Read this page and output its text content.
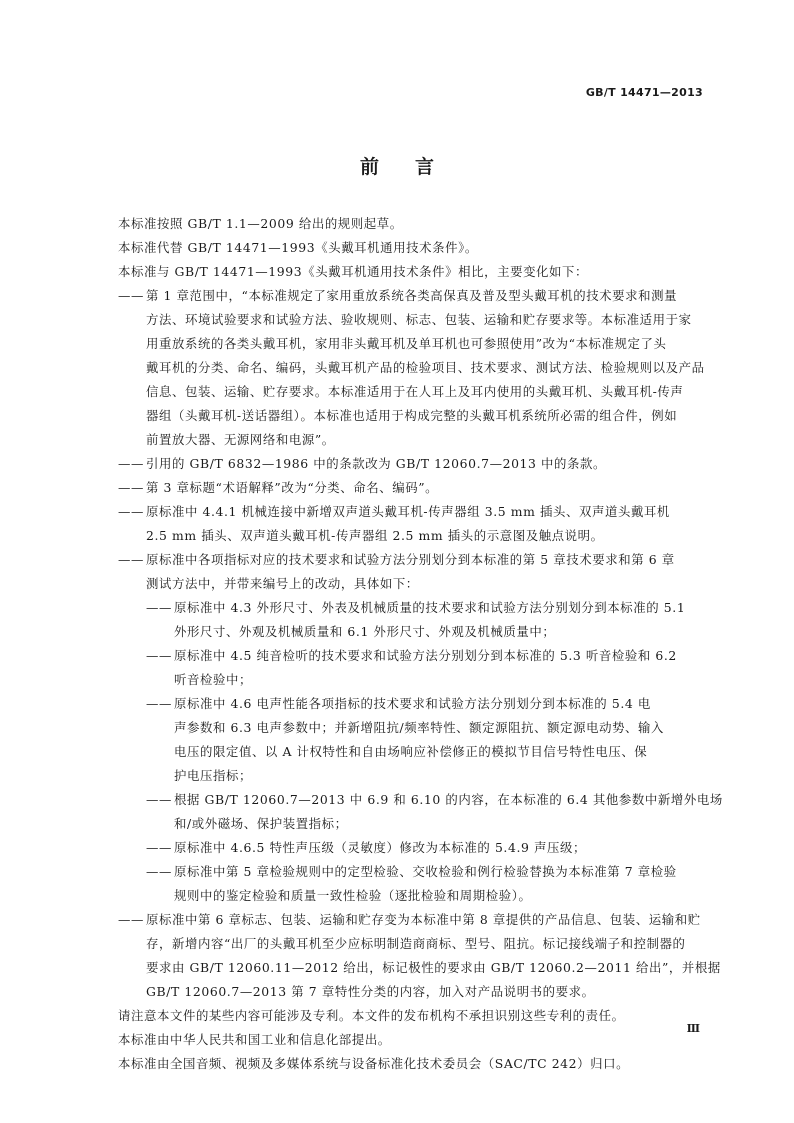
GB/T 14471—2013
前 言
本标准按照 GB/T 1.1—2009 给出的规则起草。
本标准代替 GB/T 14471—1993《头戴耳机通用技术条件》。
本标准与 GB/T 14471—1993《头戴耳机通用技术条件》相比，主要变化如下：
—— 第 1 章范围中，“本标准规定了家用重放系统各类高保真及普及型头戴耳机的技术要求和测量
方法、环境试验要求和试验方法、验收规则、标志、包装、运输和贮存要求等。本标准适用于家
用重放系统的各类头戴耳机，家用非头戴耳机及单耳机也可参照使用”改为“本标准规定了头
戴耳机的分类、命名、编码，头戴耳机产品的检验项目、技术要求、测试方法、检验规则以及产品
信息、包装、运输、贮存要求。本标准适用于在人耳上及耳内使用的头戴耳机、头戴耳机-传声
器组（头戴耳机-送话器组）。本标准也适用于构成完整的头戴耳机系统所必需的组合件，例如
前置放大器、无源网络和电源”。
—— 引用的 GB/T 6832—1986 中的条款改为 GB/T 12060.7—2013 中的条款。
—— 第 3 章标题“术语解释”改为“分类、命名、编码”。
—— 原标准中 4.4.1 机械连接中新增双声道头戴耳机-传声器组 3.5 mm 插头、双声道头戴耳机
2.5 mm 插头、双声道头戴耳机-传声器组 2.5 mm 插头的示意图及触点说明。
—— 原标准中各项指标对应的技术要求和试验方法分别划分到本标准的第 5 章技术要求和第 6 章
测试方法中，并带来编号上的改动，具体如下：
—— 原标准中 4.3 外形尺寸、外表及机械质量的技术要求和试验方法分别划分到本标准的 5.1
外形尺寸、外观及机械质量和 6.1 外形尺寸、外观及机械质量中；
—— 原标准中 4.5 纯音检听的技术要求和试验方法分别划分到本标准的 5.3 听音检验和 6.2
听音检验中；
—— 原标准中 4.6 电声性能各项指标的技术要求和试验方法分别划分到本标准的 5.4 电
声参数和 6.3 电声参数中；并新增阻抗/频率特性、额定源阻抗、额定源电动势、输入
电压的限定值、以 A 计权特性和自由场响应补偿修正的模拟节目信号特性电压、保
护电压指标；
—— 根据 GB/T 12060.7—2013 中 6.9 和 6.10 的内容，在本标准的 6.4 其他参数中新增外电场
和/或外磁场、保护装置指标；
—— 原标准中 4.6.5 特性声压级（灵敏度）修改为本标准的 5.4.9 声压级；
—— 原标准中第 5 章检验规则中的定型检验、交收检验和例行检验替换为本标准第 7 章检验
规则中的鉴定检验和质量一致性检验（逐批检验和周期检验）。
—— 原标准中第 6 章标志、包装、运输和贮存变为本标准中第 8 章提供的产品信息、包装、运输和贮
存，新增内容“出厂的头戴耳机至少应标明制造商商标、型号、阻抗。标记接线端子和控制器的
要求由 GB/T 12060.11—2012 给出，标记极性的要求由 GB/T 12060.2—2011 给出”，并根据
GB/T 12060.7—2013 第 7 章特性分类的内容，加入对产品说明书的要求。
请注意本文件的某些内容可能涉及专利。本文件的发布机构不承担识别这些专利的责任。
本标准由中华人民共和国工业和信息化部提出。
本标准由全国音频、视频及多媒体系统与设备标准化技术委员会（SAC/TC 242）归口。
Ⅲ
